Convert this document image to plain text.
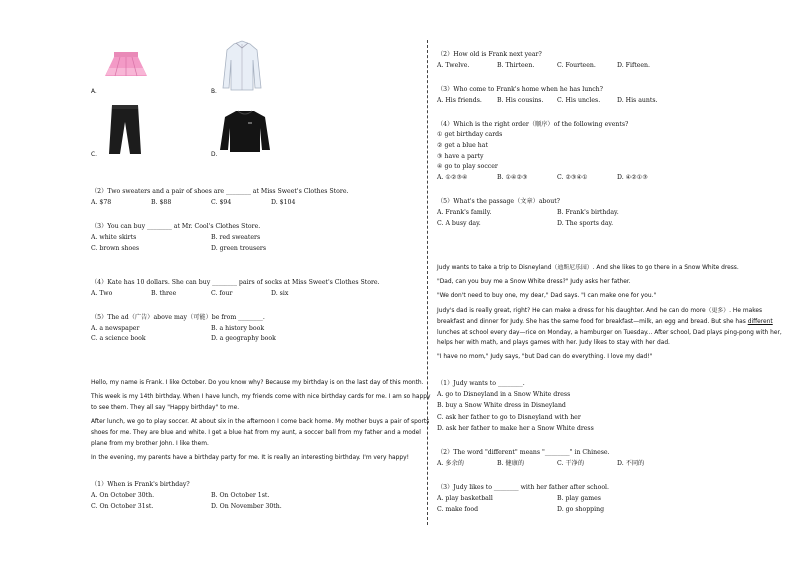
A.	B.
C.	D.
（2）Two sweaters and a pair of shoes are ________ at Miss Sweet's Clothes Store.
A. $78	B. $88	C. $94	D. $104
（3）You can buy ________ at Mr. Cool's Clothes Store.
A. white skirts	B. red sweaters
C. brown shoes	D. green trousers
（4）Kate has 10 dollars. She can buy ________ pairs of socks at Miss Sweet's Clothes Store.
A. Two	B. three	C. four	D. six
（5）The ad（广告）above may（可能）be from ________.
A. a newspaper	B. a history book
C. a science book	D. a geography book
Hello, my name is Frank. I like October. Do you know why? Because my birthday is on the last day of this month.
This week is my 14th birthday. When I have lunch, my friends come with nice birthday cards for me. I am so happy
to see them. They all say "Happy birthday" to me.
After lunch, we go to play soccer. At about six in the afternoon I come back home. My mother buys a pair of sports
shoes for me. They are blue and white. I get a blue hat from my aunt, a soccer ball from my father and a model
plane from my brother John. I like them.
In the evening, my parents have a birthday party for me. It is really an interesting birthday. I'm very happy!
（1）When is Frank's birthday?
A. On October 30th.	B. On October 1st.
C. On October 31st.	D. On November 30th.
（2）How old is Frank next year?
A. Twelve.	B. Thirteen.	C. Fourteen.	D. Fifteen.
（3）Who come to Frank's home when he has lunch?
A. His friends. B. His cousins. C. His uncles.	D. His aunts.
（4）Which is the right order（顺序）of the following events?
① get birthday cards
② get a blue hat
③ have a party
④ go to play soccer
A. ①②③④	B. ①④②③	C. ②③④①	D. ④②①③
（5）What's the passage（文章）about?
A. Frank's family.	B. Frank's birthday.
C. A busy day.	D. The sports day.
Judy wants to take a trip to Disneyland（迪斯尼乐园）. And she likes to go there in a Snow White dress.
"Dad, can you buy me a Snow White dress?" Judy asks her father.
"We don't need to buy one, my dear," Dad says. "I can make one for you."
Judy's dad is really great, right? He can make a dress for his daughter. And he can do more（更多）. He makes
breakfast and dinner for Judy. She has the same food for breakfast—milk, an egg and bread. But she has different
lunches at school every day—rice on Monday, a hamburger on Tuesday... After school, Dad plays ping-pong with her,
helps her with math, and plays games with her. Judy likes to stay with her dad.
"I have no mom," Judy says, "but Dad can do everything. I love my dad!"
（1）Judy wants to ________.
A. go to Disneyland in a Snow White dress
B. buy a Snow White dress in Disneyland
C. ask her father to go to Disneyland with her
D. ask her father to make her a Snow White dress
（2）The word "different" means "________" in Chinese.
A. 多余的	B. 健康的	C. 干净的	D. 不同的
（3）Judy likes to ________ with her father after school.
A. play basketball	B. play games
C. make food	D. go shopping
